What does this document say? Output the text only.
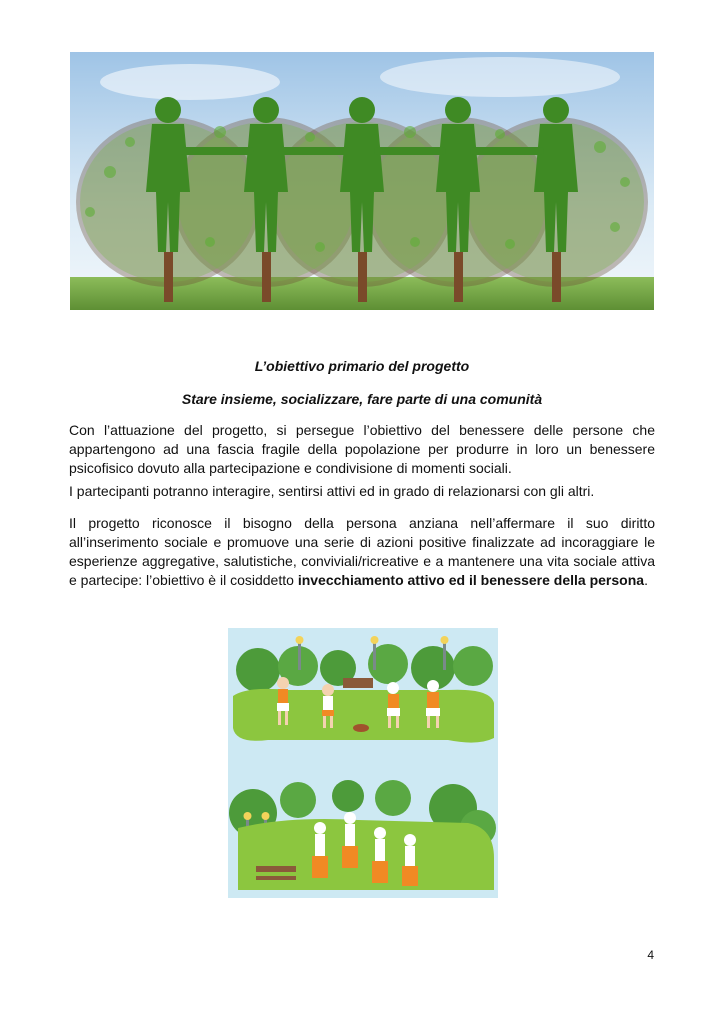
L’obiettivo primario del progetto
Stare insieme, socializzare, fare parte di una comunità
Con l’attuazione del progetto, si persegue l’obiettivo del benessere delle persone che appartengono ad una fascia fragile della popolazione per produrre in loro un benessere psicofisico dovuto alla partecipazione e condivisione di momenti sociali.
I partecipanti potranno interagire, sentirsi attivi ed in grado di relazionarsi con gli altri.
Il progetto riconosce il bisogno della persona anziana nell’affermare il suo diritto all’inserimento sociale e promuove una serie di azioni positive finalizzate ad incoraggiare le esperienze aggregative, salutistiche, conviviali/ricreative e a mantenere una vita sociale attiva e partecipe: l’obiettivo è il cosiddetto invecchiamento attivo ed il benessere della persona.
4
